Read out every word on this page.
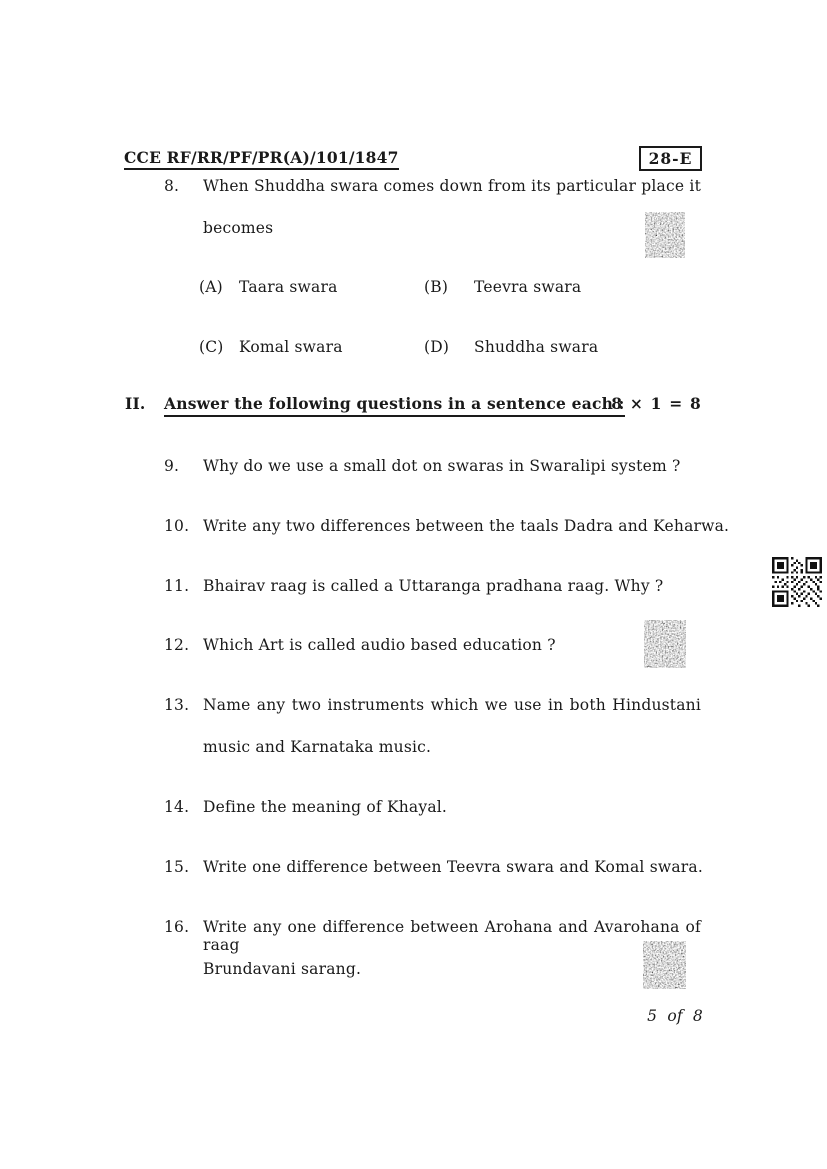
CCE RF/RR/PF/PR(A)/101/1847	28-E
8. When Shuddha swara comes down from its particular place it
becomes
(A) Taara swara	(B) Teevra swara
(C) Komal swara	(D) Shuddha swara
II. Answer the following questions in a sentence each :
8 × 1 = 8
9. Why do we use a small dot on swaras in Swaralipi system ?
10. Write any two differences between the taals Dadra and Keharwa.
11. Bhairav raag is called a Uttaranga pradhana raag. Why ?
12. Which Art is called audio based education ?
13. Name any two instruments which we use in both Hindustani
music and Karnataka music.
14. Define the meaning of Khayal.
15. Write one difference between Teevra swara and Komal swara.
16. Write any one difference between Arohana and Avarohana of raag
Brundavani sarang.
5 of 8
